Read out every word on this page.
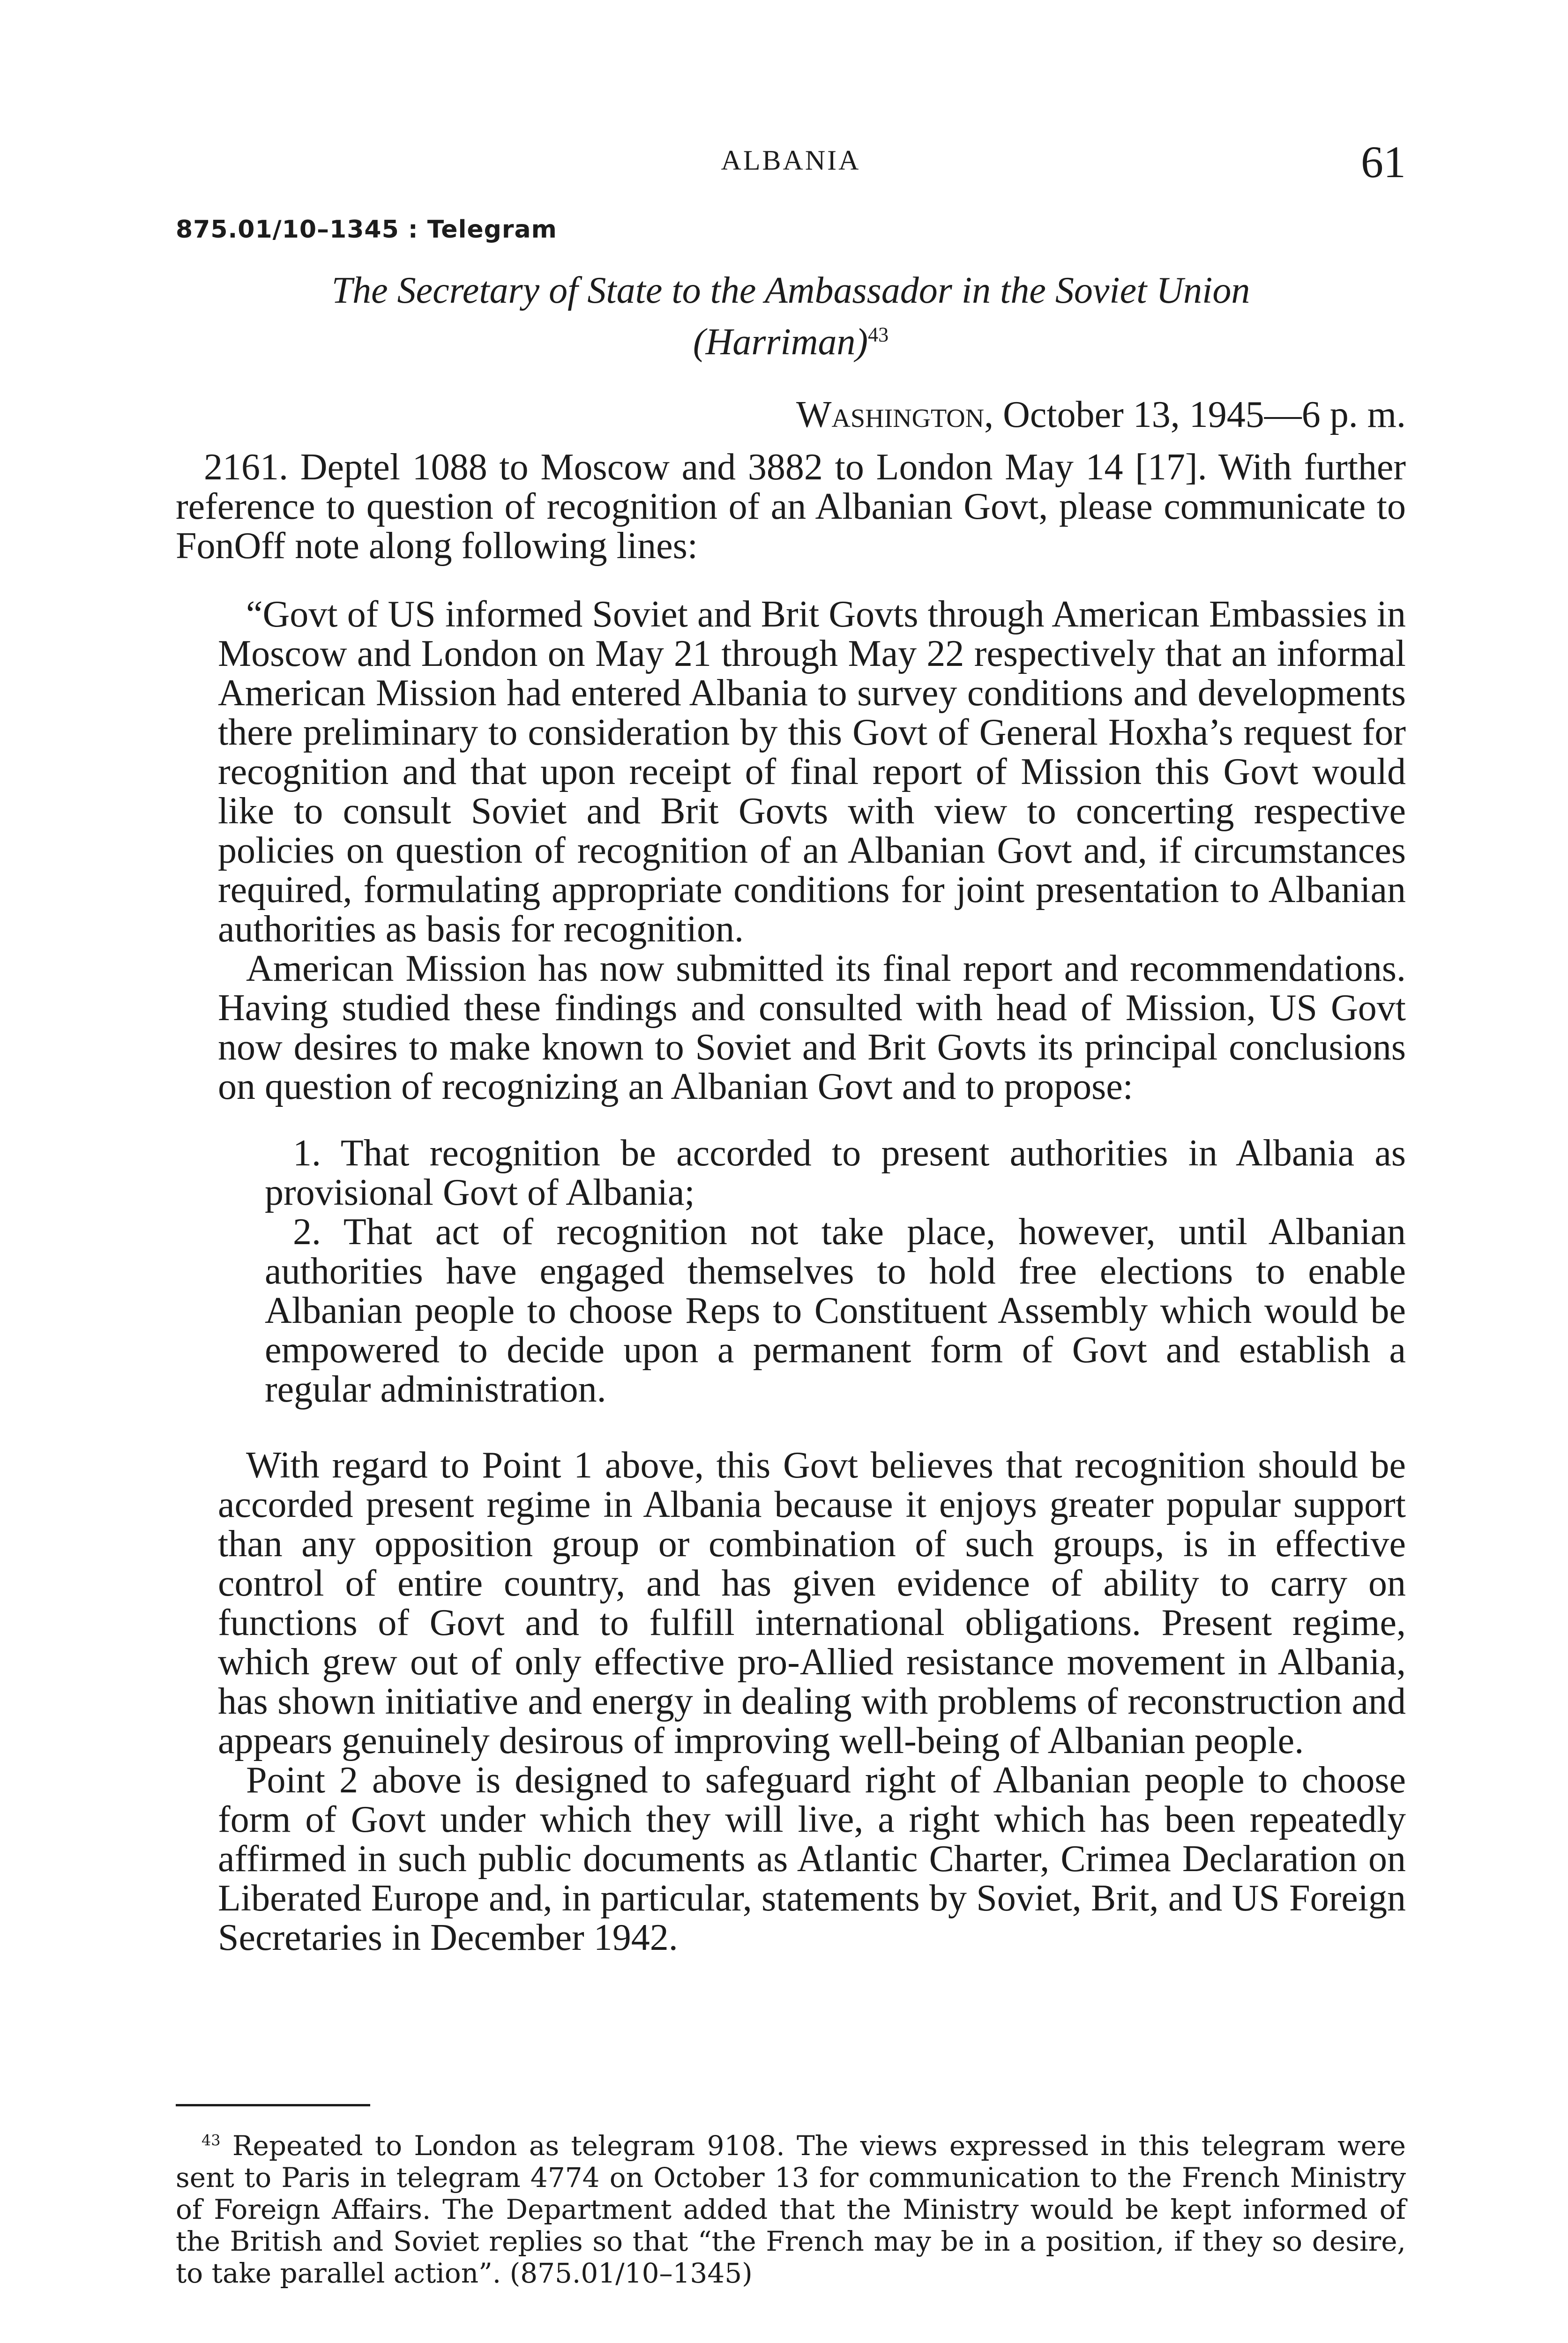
ALBANIA	61
875.01/10–1345 : Telegram
The Secretary of State to the Ambassador in the Soviet Union
(Harriman)$^{43}$
Washington, October 13, 1945—6 p. m.

2161. Deptel 1088 to Moscow and 3882 to London May 14 [17]. With further reference to question of recognition of an Albanian Govt, please communicate to FonOff note along following lines:

“Govt of US informed Soviet and Brit Govts through American Embassies in Moscow and London on May 21 through May 22 respectively that an informal American Mission had entered Albania to survey conditions and developments there preliminary to consideration by this Govt of General Hoxha’s request for recognition and that upon receipt of final report of Mission this Govt would like to consult Soviet and Brit Govts with view to concerting respective policies on question of recognition of an Albanian Govt and, if circumstances required, formulating appropriate conditions for joint presentation to Albanian authorities as basis for recognition.

American Mission has now submitted its final report and recommendations. Having studied these findings and consulted with head of Mission, US Govt now desires to make known to Soviet and Brit Govts its principal conclusions on question of recognizing an Albanian Govt and to propose:

1. That recognition be accorded to present authorities in Albania as provisional Govt of Albania;

2. That act of recognition not take place, however, until Albanian authorities have engaged themselves to hold free elections to enable Albanian people to choose Reps to Constituent Assembly which would be empowered to decide upon a permanent form of Govt and establish a regular administration.

With regard to Point 1 above, this Govt believes that recognition should be accorded present regime in Albania because it enjoys greater popular support than any opposition group or combination of such groups, is in effective control of entire country, and has given evidence of ability to carry on functions of Govt and to fulfill international obligations. Present regime, which grew out of only effective pro-Allied resistance movement in Albania, has shown initiative and energy in dealing with problems of reconstruction and appears genuinely desirous of improving well-being of Albanian people.

Point 2 above is designed to safeguard right of Albanian people to choose form of Govt under which they will live, a right which has been repeatedly affirmed in such public documents as Atlantic Charter, Crimea Declaration on Liberated Europe and, in particular, statements by Soviet, Brit, and US Foreign Secretaries in December 1942.

$^{43}$ Repeated to London as telegram 9108. The views expressed in this telegram were sent to Paris in telegram 4774 on October 13 for communication to the French Ministry of Foreign Affairs. The Department added that the Ministry would be kept informed of the British and Soviet replies so that “the French may be in a position, if they so desire, to take parallel action”. (875.01/10–1345)
